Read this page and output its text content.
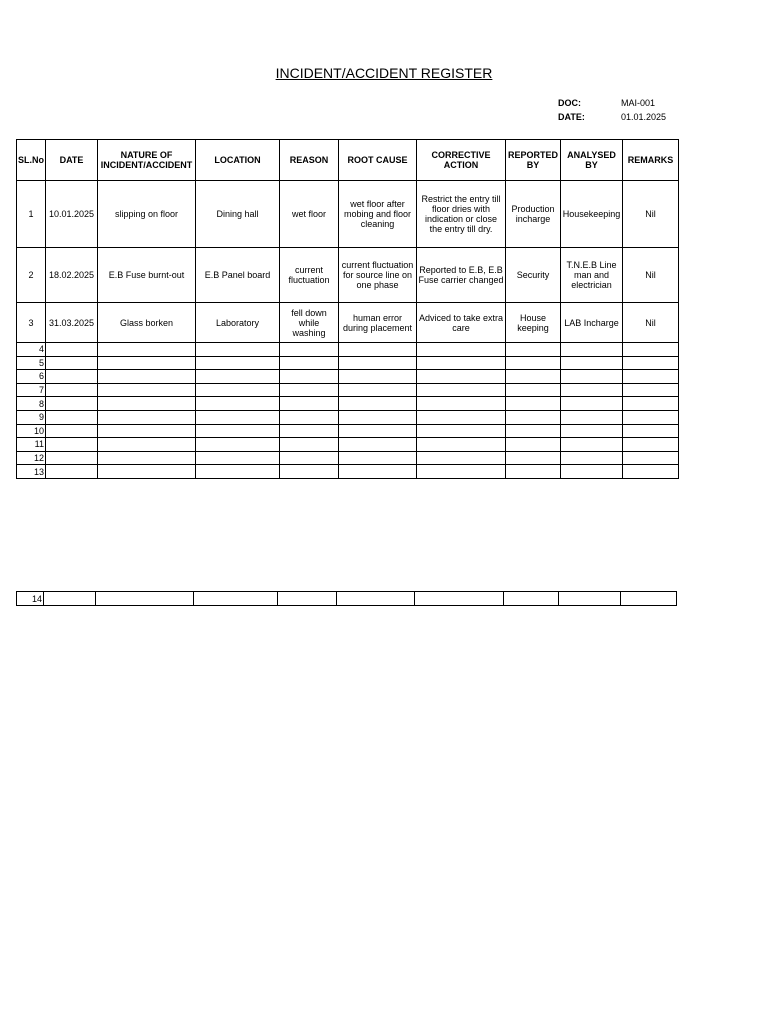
INCIDENT/ACCIDENT REGISTER
DOC:	MAI-001
DATE:	01.01.2025
SL.No	DATE	NATURE OF INCIDENT/ACCIDENT	LOCATION	REASON	ROOT CAUSE	CORRECTIVE ACTION	REPORTED BY	ANALYSED BY	REMARKS
1	10.01.2025	slipping on floor	Dining hall	wet floor	wet floor after mobing and floor cleaning	Restrict the entry till floor dries with indication or close the entry till dry.	Production incharge	Housekeeping	Nil
2	18.02.2025	E.B Fuse burnt-out	E.B Panel board	current fluctuation	current fluctuation for source line on one phase	Reported to E.B, E.B Fuse carrier changed	Security	T.N.E.B Line man and electrician	Nil
3	31.03.2025	Glass borken	Laboratory	fell down while washing	human error during placement	Adviced to take extra care	House keeping	LAB Incharge	Nil
4									
5									
6									
7									
8									
9									
10									
11									
12									
13									
14									
